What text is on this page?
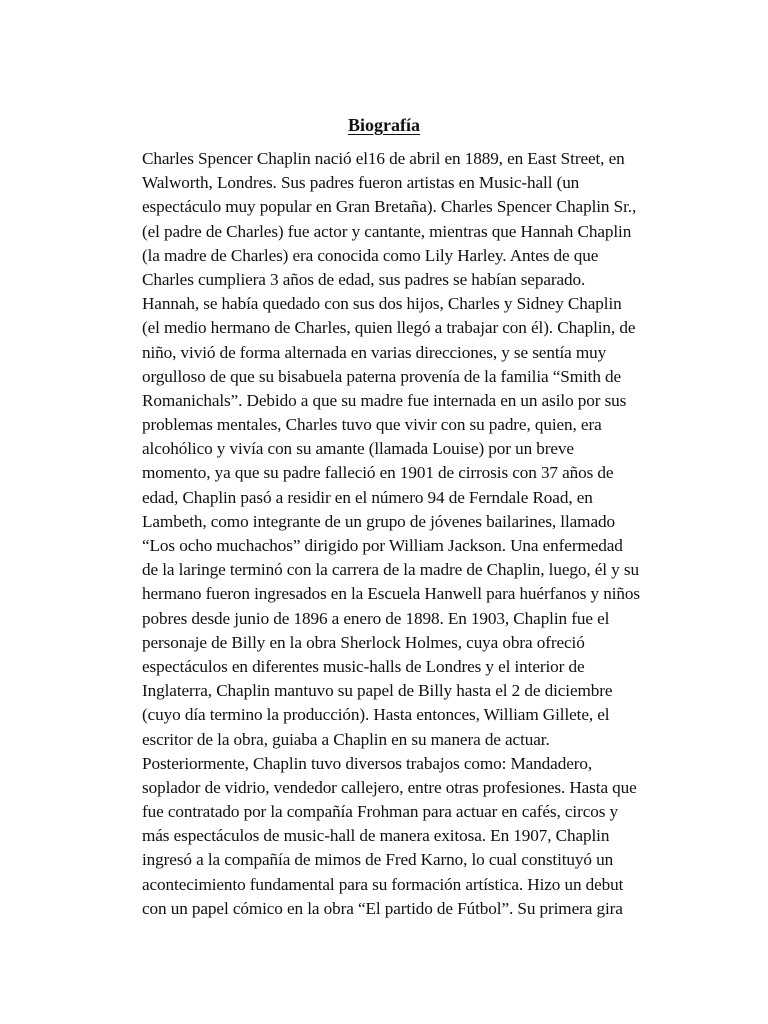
Biografía
Charles Spencer Chaplin nació el16 de abril en 1889, en East Street, en
Walworth, Londres. Sus padres fueron artistas en Music-hall (un
espectáculo muy popular en Gran Bretaña). Charles Spencer Chaplin Sr.,
(el padre de Charles) fue actor y cantante, mientras que Hannah Chaplin
(la madre de Charles) era conocida como Lily Harley. Antes de que
Charles cumpliera 3 años de edad, sus padres se habían separado.
Hannah, se había quedado con sus dos hijos, Charles y Sidney Chaplin
(el medio hermano de Charles, quien llegó a trabajar con él). Chaplin, de
niño, vivió de forma alternada en varias direcciones, y se sentía muy
orgulloso de que su bisabuela paterna provenía de la familia “Smith de
Romanichals”. Debido a que su madre fue internada en un asilo por sus
problemas mentales, Charles tuvo que vivir con su padre, quien, era
alcohólico y vivía con su amante (llamada Louise) por un breve
momento, ya que su padre falleció en 1901 de cirrosis con 37 años de
edad, Chaplin pasó a residir en el número 94 de Ferndale Road, en
Lambeth, como integrante de un grupo de jóvenes bailarines, llamado
“Los ocho muchachos” dirigido por William Jackson. Una enfermedad
de la laringe terminó con la carrera de la madre de Chaplin, luego, él y su
hermano fueron ingresados en la Escuela Hanwell para huérfanos y niños
pobres desde junio de 1896 a enero de 1898. En 1903, Chaplin fue el
personaje de Billy en la obra Sherlock Holmes, cuya obra ofreció
espectáculos en diferentes music-halls de Londres y el interior de
Inglaterra, Chaplin mantuvo su papel de Billy hasta el 2 de diciembre
(cuyo día termino la producción). Hasta entonces, William Gillete, el
escritor de la obra, guiaba a Chaplin en su manera de actuar.
Posteriormente, Chaplin tuvo diversos trabajos como: Mandadero,
soplador de vidrio, vendedor callejero, entre otras profesiones. Hasta que
fue contratado por la compañía Frohman para actuar en cafés, circos y
más espectáculos de music-hall de manera exitosa. En 1907, Chaplin
ingresó a la compañía de mimos de Fred Karno, lo cual constituyó un
acontecimiento fundamental para su formación artística. Hizo un debut
con un papel cómico en la obra “El partido de Fútbol”. Su primera gira
